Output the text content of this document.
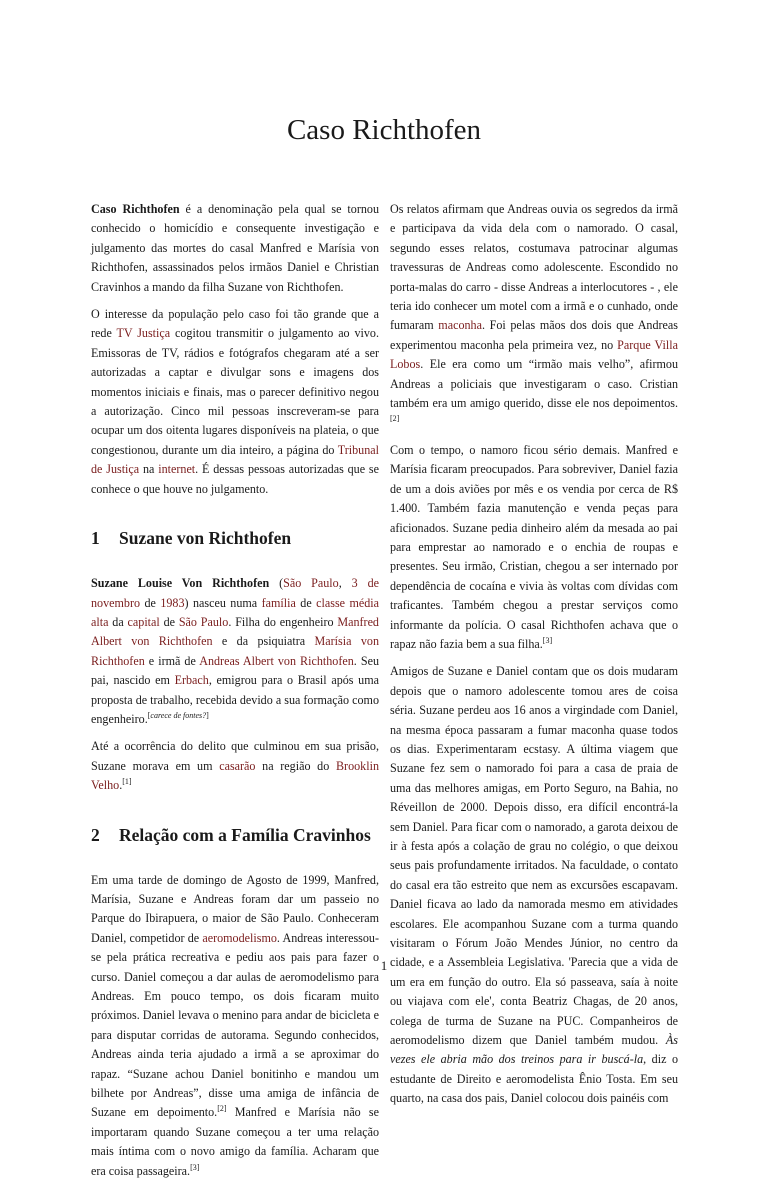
Caso Richthofen

Caso Richthofen é a denominação pela qual se tornou conhecido o homicídio e consequente investigação e julgamento das mortes do casal Manfred e Marísia von Richthofen, assassinados pelos irmãos Daniel e Christian Cravinhos a mando da filha Suzane von Richthofen.

O interesse da população pelo caso foi tão grande que a rede TV Justiça cogitou transmitir o julgamento ao vivo. Emissoras de TV, rádios e fotógrafos chegaram até a ser autorizadas a captar e divulgar sons e imagens dos momentos iniciais e finais, mas o parecer definitivo negou a autorização. Cinco mil pessoas inscreveram-se para ocupar um dos oitenta lugares disponíveis na plateia, o que congestionou, durante um dia inteiro, a página do Tribunal de Justiça na internet. É dessas pessoas autorizadas que se conhece o que houve no julgamento.

1	Suzane von Richthofen

Suzane Louise Von Richthofen (São Paulo, 3 de novembro de 1983) nasceu numa família de classe média alta da capital de São Paulo. Filha do engenheiro Manfred Albert von Richthofen e da psiquiatra Marísia von Richthofen e irmã de Andreas Albert von Richthofen. Seu pai, nascido em Erbach, emigrou para o Brasil após uma proposta de trabalho, recebida devido a sua formação como engenheiro.[carece de fontes?]

Até a ocorrência do delito que culminou em sua prisão, Suzane morava em um casarão na região do Brooklin Velho.[1]

2	Relação com a Família Cravinhos

Em uma tarde de domingo de Agosto de 1999, Manfred, Marísia, Suzane e Andreas foram dar um passeio no Parque do Ibirapuera, o maior de São Paulo. Conheceram Daniel, competidor de aeromodelismo. Andreas interessou-se pela prática recreativa e pediu aos pais para fazer o curso. Daniel começou a dar aulas de aeromodelismo para Andreas. Em pouco tempo, os dois ficaram muito próximos. Daniel levava o menino para andar de bicicleta e para disputar corridas de autorama. Segundo conhecidos, Andreas ainda teria ajudado a irmã a se aproximar do rapaz. “Suzane achou Daniel bonitinho e mandou um bilhete por Andreas”, disse uma amiga de infância de Suzane em depoimento.[2] Manfred e Marísia não se importaram quando Suzane começou a ter uma relação mais íntima com o novo amigo da família. Acharam que era coisa passageira.[3]

Os relatos afirmam que Andreas ouvia os segredos da irmã e participava da vida dela com o namorado. O casal, segundo esses relatos, costumava patrocinar algumas travessuras de Andreas como adolescente. Escondido no porta-malas do carro - disse Andreas a interlocutores - , ele teria ido conhecer um motel com a irmã e o cunhado, onde fumaram maconha. Foi pelas mãos dos dois que Andreas experimentou maconha pela primeira vez, no Parque Villa Lobos. Ele era como um “irmão mais velho”, afirmou Andreas a policiais que investigaram o caso. Cristian também era um amigo querido, disse ele nos depoimentos.[2]

Com o tempo, o namoro ficou sério demais. Manfred e Marísia ficaram preocupados. Para sobreviver, Daniel fazia de um a dois aviões por mês e os vendia por cerca de R$ 1.400. Também fazia manutenção e venda peças para aficionados. Suzane pedia dinheiro além da mesada ao pai para emprestar ao namorado e o enchia de roupas e presentes. Seu irmão, Cristian, chegou a ser internado por dependência de cocaína e vivia às voltas com dívidas com traficantes. Também chegou a prestar serviços como informante da polícia. O casal Richthofen achava que o rapaz não fazia bem a sua filha.[3]

Amigos de Suzane e Daniel contam que os dois mudaram depois que o namoro adolescente tomou ares de coisa séria. Suzane perdeu aos 16 anos a virgindade com Daniel, na mesma época passaram a fumar maconha quase todos os dias. Experimentaram ecstasy. A última viagem que Suzane fez sem o namorado foi para a casa de praia de uma das melhores amigas, em Porto Seguro, na Bahia, no Réveillon de 2000. Depois disso, era difícil encontrá-la sem Daniel. Para ficar com o namorado, a garota deixou de ir à festa após a colação de grau no colégio, o que deixou seus pais profundamente irritados. Na faculdade, o contato do casal era tão estreito que nem as excursões escapavam. Daniel ficava ao lado da namorada mesmo em atividades escolares. Ele acompanhou Suzane com a turma quando visitaram o Fórum João Mendes Júnior, no centro da cidade, e a Assembleia Legislativa. 'Parecia que a vida de um era em função do outro. Ela só passeava, saía à noite ou viajava com ele', conta Beatriz Chagas, de 20 anos, colega de turma de Suzane na PUC. Companheiros de aeromodelismo dizem que Daniel também mudou. Às vezes ele abria mão dos treinos para ir buscá-la, diz o estudante de Direito e aeromodelista Ênio Tosta. Em seu quarto, na casa dos pais, Daniel colocou dois painéis com

1
